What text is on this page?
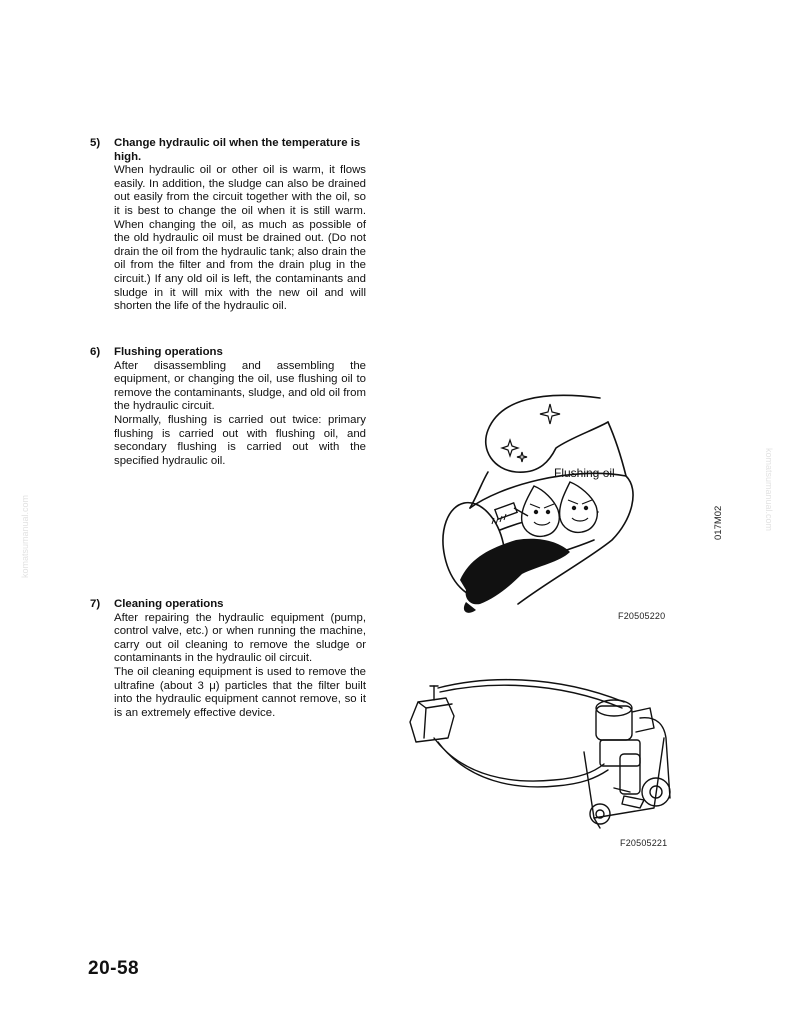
5)	Change hydraulic oil when the temperature is high.

When hydraulic oil or other oil is warm, it flows easily. In addition, the sludge can also be drained out easily from the circuit together with the oil, so it is best to change the oil when it is still warm. When changing the oil, as much as possible of the old hydraulic oil must be drained out. (Do not drain the oil from the hydraulic tank; also drain the oil from the filter and from the drain plug in the circuit.) If any old oil is left, the contaminants and sludge in it will mix with the new oil and will shorten the life of the hydraulic oil.

6)	Flushing operations

After disassembling and assembling the equipment, or changing the oil, use flushing oil to remove the contaminants, sludge, and old oil from the hydraulic circuit.

Normally, flushing is carried out twice: primary flushing is carried out with flushing oil, and secondary flushing is carried out with the specified hydraulic oil.

7)	Cleaning operations

After repairing the hydraulic equipment (pump, control valve, etc.) or when running the machine, carry out oil cleaning to remove the sludge or contaminants in the hydraulic oil circuit.

The oil cleaning equipment is used to remove the ultrafine (about 3 μ) particles that the filter built into the hydraulic equipment cannot remove, so it is an extremely effective device.

Flushing oil
F20505220
F20505221
017M02
komatsumanual.com
komatsumanual.com
20-58
